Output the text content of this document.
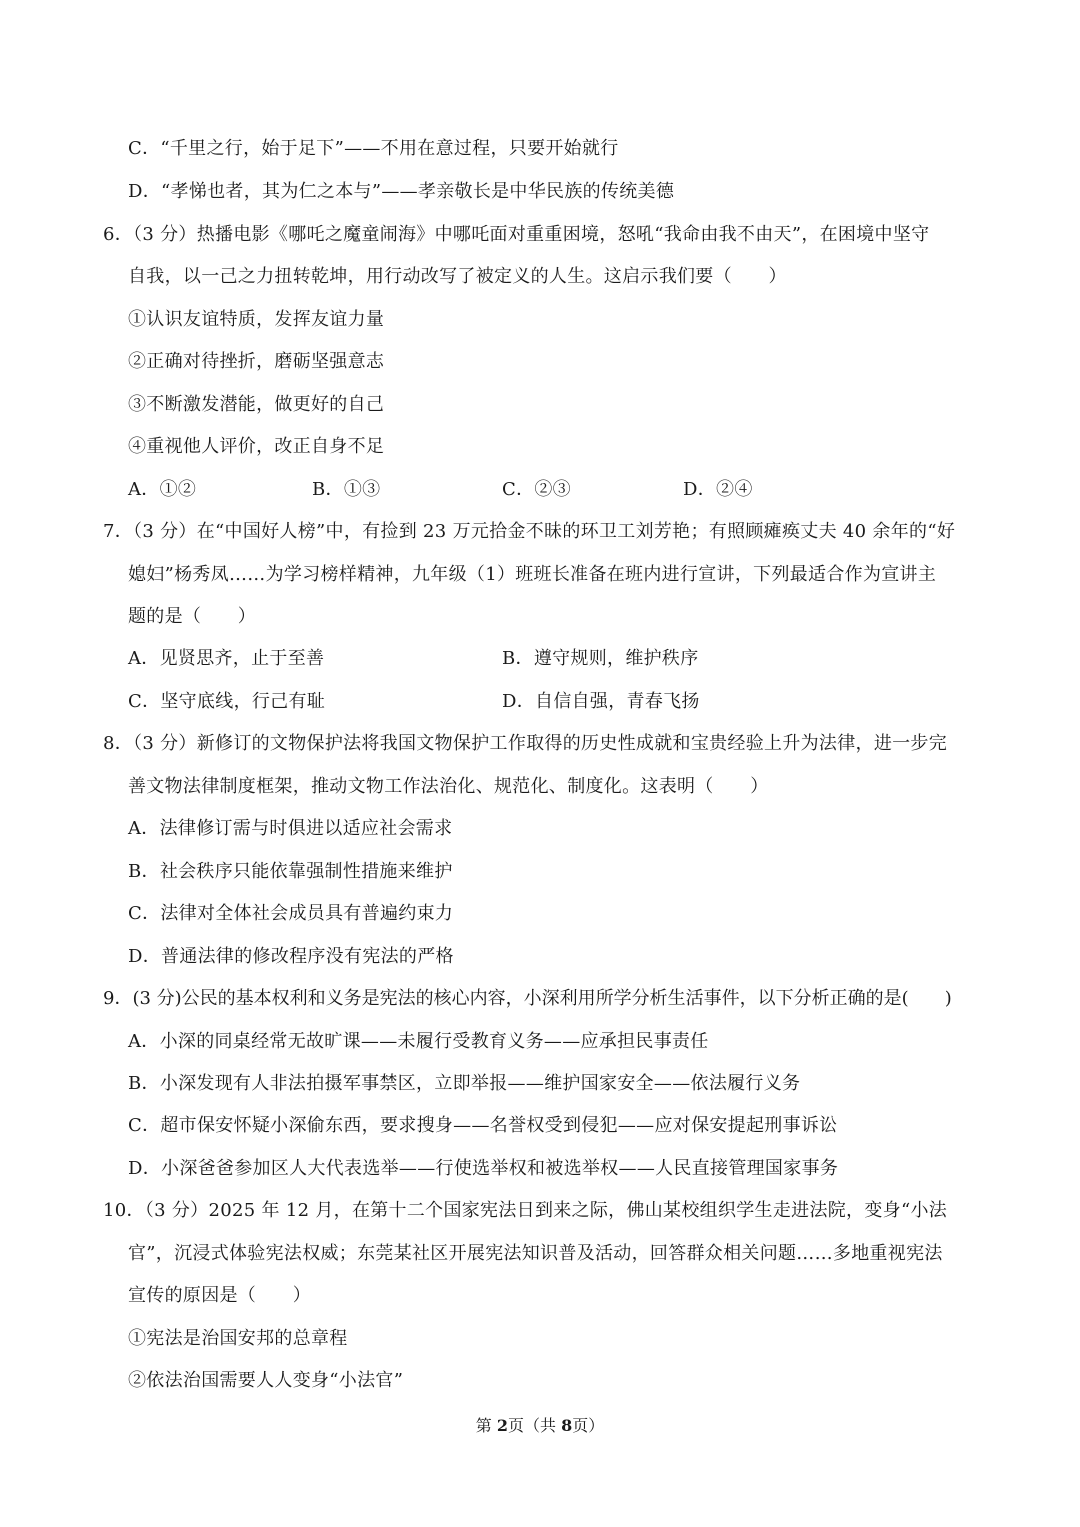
C．“千里之行，始于足下”——不用在意过程，只要开始就行
D．“孝悌也者，其为仁之本与”——孝亲敬长是中华民族的传统美德
6．（3 分）热播电影《哪吒之魔童闹海》中哪吒面对重重困境，怒吼“我命由我不由天”，在困境中坚守
自我，以一己之力扭转乾坤，用行动改写了被定义的人生。这启示我们要（　　）
①认识友谊特质，发挥友谊力量
②正确对待挫折，磨砺坚强意志
③不断激发潜能，做更好的自己
④重视他人评价，改正自身不足
A．①②	B．①③	C．②③	D．②④
7．（3 分）在“中国好人榜”中，有捡到 23 万元拾金不昧的环卫工刘芳艳；有照顾瘫痪丈夫 40 余年的“好
媳妇”杨秀凤……为学习榜样精神，九年级（1）班班长准备在班内进行宣讲，下列最适合作为宣讲主
题的是（　　）
A．见贤思齐，止于至善	B．遵守规则，维护秩序
C．坚守底线，行己有耻	D．自信自强，青春飞扬
8．（3 分）新修订的文物保护法将我国文物保护工作取得的历史性成就和宝贵经验上升为法律，进一步完
善文物法律制度框架，推动文物工作法治化、规范化、制度化。这表明（　　）
A．法律修订需与时俱进以适应社会需求
B．社会秩序只能依靠强制性措施来维护
C．法律对全体社会成员具有普遍约束力
D．普通法律的修改程序没有宪法的严格
9．(3 分)公民的基本权利和义务是宪法的核心内容，小深利用所学分析生活事件，以下分析正确的是(　　)
A．小深的同桌经常无故旷课——未履行受教育义务——应承担民事责任
B．小深发现有人非法拍摄军事禁区，立即举报——维护国家安全——依法履行义务
C．超市保安怀疑小深偷东西，要求搜身——名誉权受到侵犯——应对保安提起刑事诉讼
D．小深爸爸参加区人大代表选举——行使选举权和被选举权——人民直接管理国家事务
10．（3 分）2025 年 12 月，在第十二个国家宪法日到来之际，佛山某校组织学生走进法院，变身“小法
官”，沉浸式体验宪法权威；东莞某社区开展宪法知识普及活动，回答群众相关问题……多地重视宪法
宣传的原因是（　　）
①宪法是治国安邦的总章程
②依法治国需要人人变身“小法官”
第 2页（共 8页）
